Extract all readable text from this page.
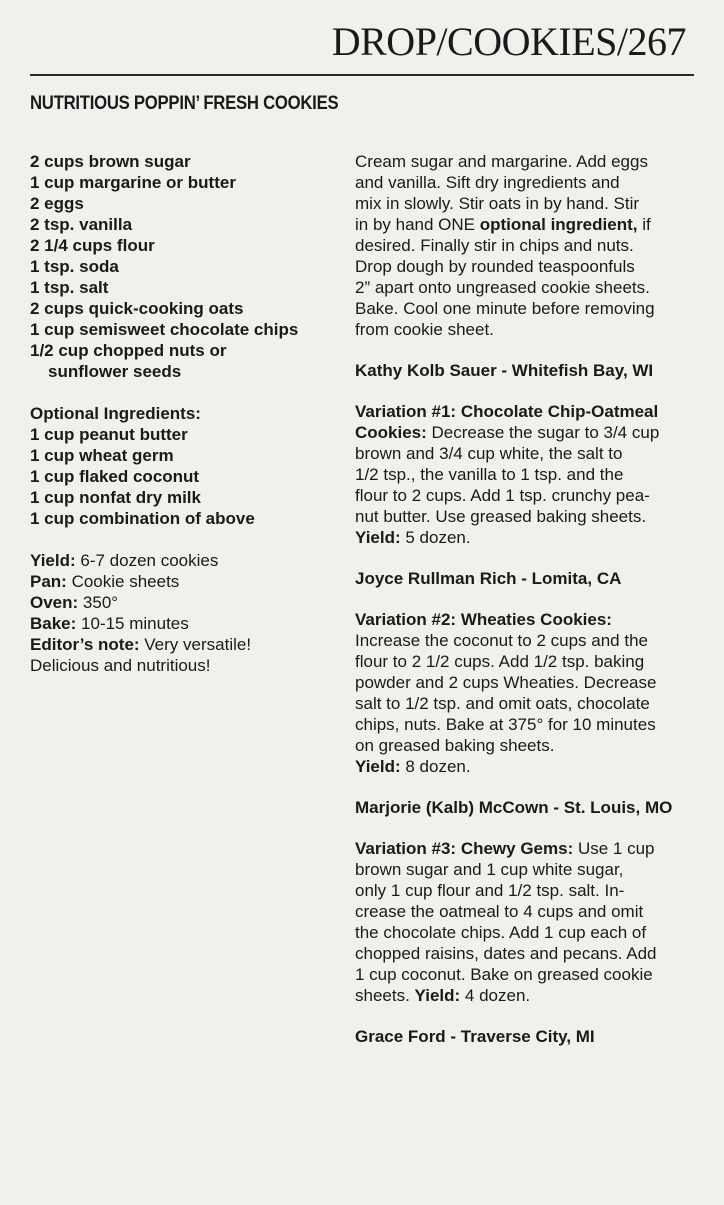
DROP/COOKIES/267
NUTRITIOUS POPPIN’ FRESH COOKIES
2 cups brown sugar
1 cup margarine or butter
2 eggs
2 tsp. vanilla
2 1/4 cups flour
1 tsp. soda
1 tsp. salt
2 cups quick-cooking oats
1 cup semisweet chocolate chips
1/2 cup chopped nuts or
sunflower seeds
Optional Ingredients:
1 cup peanut butter
1 cup wheat germ
1 cup flaked coconut
1 cup nonfat dry milk
1 cup combination of above
Yield: 6-7 dozen cookies
Pan: Cookie sheets
Oven: 350°
Bake: 10-15 minutes
Editor’s note: Very versatile!
Delicious and nutritious!
Cream sugar and margarine. Add eggs
and vanilla. Sift dry ingredients and
mix in slowly. Stir oats in by hand. Stir
in by hand ONE optional ingredient, if
desired. Finally stir in chips and nuts.
Drop dough by rounded teaspoonfuls
2” apart onto ungreased cookie sheets.
Bake. Cool one minute before removing
from cookie sheet.
Kathy Kolb Sauer - Whitefish Bay, WI
Variation #1: Chocolate Chip-Oatmeal
Cookies: Decrease the sugar to 3/4 cup
brown and 3/4 cup white, the salt to
1/2 tsp., the vanilla to 1 tsp. and the
flour to 2 cups. Add 1 tsp. crunchy pea-
nut butter. Use greased baking sheets.
Yield: 5 dozen.
Joyce Rullman Rich - Lomita, CA
Variation #2: Wheaties Cookies:
Increase the coconut to 2 cups and the
flour to 2 1/2 cups. Add 1/2 tsp. baking
powder and 2 cups Wheaties. Decrease
salt to 1/2 tsp. and omit oats, chocolate
chips, nuts. Bake at 375° for 10 minutes
on greased baking sheets.
Yield: 8 dozen.
Marjorie (Kalb) McCown - St. Louis, MO
Variation #3: Chewy Gems: Use 1 cup
brown sugar and 1 cup white sugar,
only 1 cup flour and 1/2 tsp. salt. In-
crease the oatmeal to 4 cups and omit
the chocolate chips. Add 1 cup each of
chopped raisins, dates and pecans. Add
1 cup coconut. Bake on greased cookie
sheets. Yield: 4 dozen.
Grace Ford - Traverse City, MI
